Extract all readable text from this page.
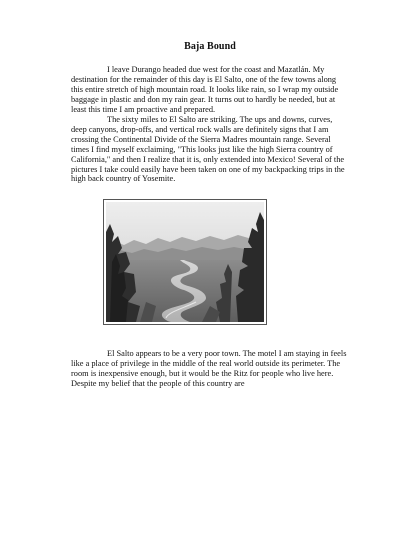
Baja Bound

I leave Durango headed due west for the coast and Mazatlán. My destination for the remainder of this day is El Salto, one of the few towns along this entire stretch of high mountain road. It looks like rain, so I wrap my outside baggage in plastic and don my rain gear. It turns out to hardly be needed, but at least this time I am proactive and prepared.

The sixty miles to El Salto are striking. The ups and downs, curves, deep canyons, drop-offs, and vertical rock walls are definitely signs that I am crossing the Continental Divide of the Sierra Madres mountain range. Several times I find myself exclaiming, "This looks just like the high Sierra country of California," and then I realize that it is, only extended into Mexico! Several of the pictures I take could easily have been taken on one of my backpacking trips in the high back country of Yosemite.

El Salto appears to be a very poor town. The motel I am staying in feels like a place of privilege in the middle of the real world outside its perimeter. The room is inexpensive enough, but it would be the Ritz for people who live here. Despite my belief that the people of this country are
